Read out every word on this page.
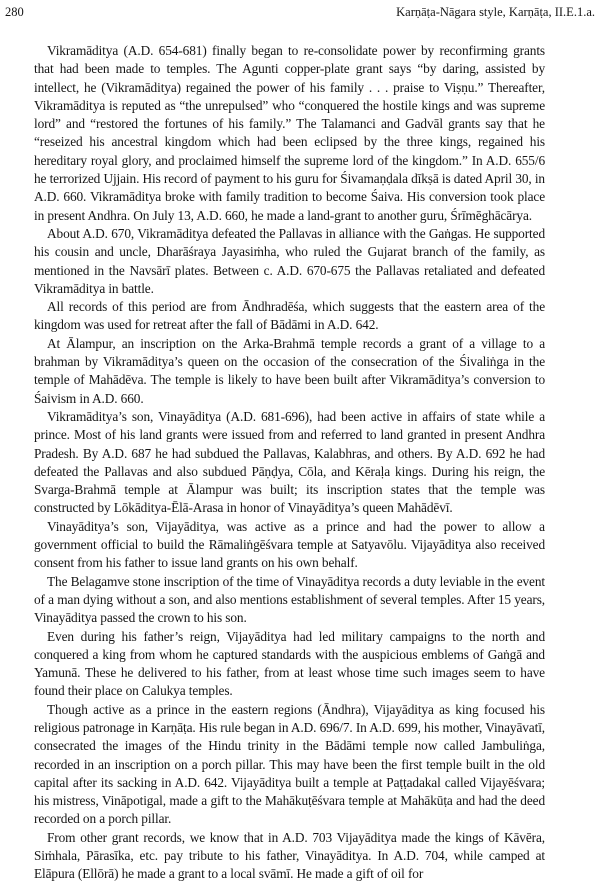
280	Karṇāṭa-Nāgara style, Karṇāṭa, II.E.1.a.

Vikramāditya (A.D. 654-681) finally began to re-consolidate power by reconfirming grants that had been made to temples. The Agunti copper-plate grant says “by daring, assisted by intellect, he (Vikramāditya) regained the power of his family . . . praise to Viṣṇu.” Thereafter, Vikramāditya is reputed as “the unrepulsed” who “conquered the hostile kings and was supreme lord” and “restored the fortunes of his family.” The Talamanci and Gadvāl grants say that he “reseized his ancestral kingdom which had been eclipsed by the three kings, regained his hereditary royal glory, and proclaimed himself the supreme lord of the kingdom.” In A.D. 655/6 he terrorized Ujjain. His record of payment to his guru for Śivamaṇḍala dīkṣā is dated April 30, in A.D. 660. Vikramāditya broke with family tradition to become Śaiva. His conversion took place in present Andhra. On July 13, A.D. 660, he made a land-grant to another guru, Śrīmēghācārya.

About A.D. 670, Vikramāditya defeated the Pallavas in alliance with the Gaṅgas. He supported his cousin and uncle, Dharāśraya Jayasiṁha, who ruled the Gujarat branch of the family, as mentioned in the Navsārī plates. Between c. A.D. 670-675 the Pallavas retaliated and defeated Vikramāditya in battle.

All records of this period are from Āndhradēśa, which suggests that the eastern area of the kingdom was used for retreat after the fall of Bādāmi in A.D. 642.

At Ālampur, an inscription on the Arka-Brahmā temple records a grant of a village to a brahman by Vikramāditya’s queen on the occasion of the consecration of the Śivaliṅga in the temple of Mahādēva. The temple is likely to have been built after Vikramāditya’s conversion to Śaivism in A.D. 660.

Vikramāditya’s son, Vinayāditya (A.D. 681-696), had been active in affairs of state while a prince. Most of his land grants were issued from and referred to land granted in present Andhra Pradesh. By A.D. 687 he had subdued the Pallavas, Kalabhras, and others. By A.D. 692 he had defeated the Pallavas and also subdued Pāṇḍya, Cōla, and Kēraḷa kings. During his reign, the Svarga-Brahmā temple at Ālampur was built; its inscription states that the temple was constructed by Lōkāditya-Ēlā-Arasa in honor of Vinayāditya’s queen Mahādēvī.

Vinayāditya’s son, Vijayāditya, was active as a prince and had the power to allow a government official to build the Rāmaliṅgēśvara temple at Satyavōlu. Vijayāditya also received consent from his father to issue land grants on his own behalf.

The Belagamve stone inscription of the time of Vinayāditya records a duty leviable in the event of a man dying without a son, and also mentions establishment of several temples. After 15 years, Vinayāditya passed the crown to his son.

Even during his father’s reign, Vijayāditya had led military campaigns to the north and conquered a king from whom he captured standards with the auspicious emblems of Gaṅgā and Yamunā. These he delivered to his father, from at least whose time such images seem to have found their place on Calukya temples.

Though active as a prince in the eastern regions (Āndhra), Vijayāditya as king focused his religious patronage in Karṇāṭa. His rule began in A.D. 696/7. In A.D. 699, his mother, Vinayāvatī, consecrated the images of the Hindu trinity in the Bādāmi temple now called Jambuliṅga, recorded in an inscription on a porch pillar. This may have been the first temple built in the old capital after its sacking in A.D. 642. Vijayāditya built a temple at Paṭṭadakal called Vijayēśvara; his mistress, Vināpotigal, made a gift to the Mahākuṭēśvara temple at Mahākūṭa and had the deed recorded on a porch pillar.

From other grant records, we know that in A.D. 703 Vijayāditya made the kings of Kāvēra, Siṁhala, Pārasīka, etc. pay tribute to his father, Vinayāditya. In A.D. 704, while camped at Elāpura (Ellōrā) he made a grant to a local svāmī. He made a gift of oil for
